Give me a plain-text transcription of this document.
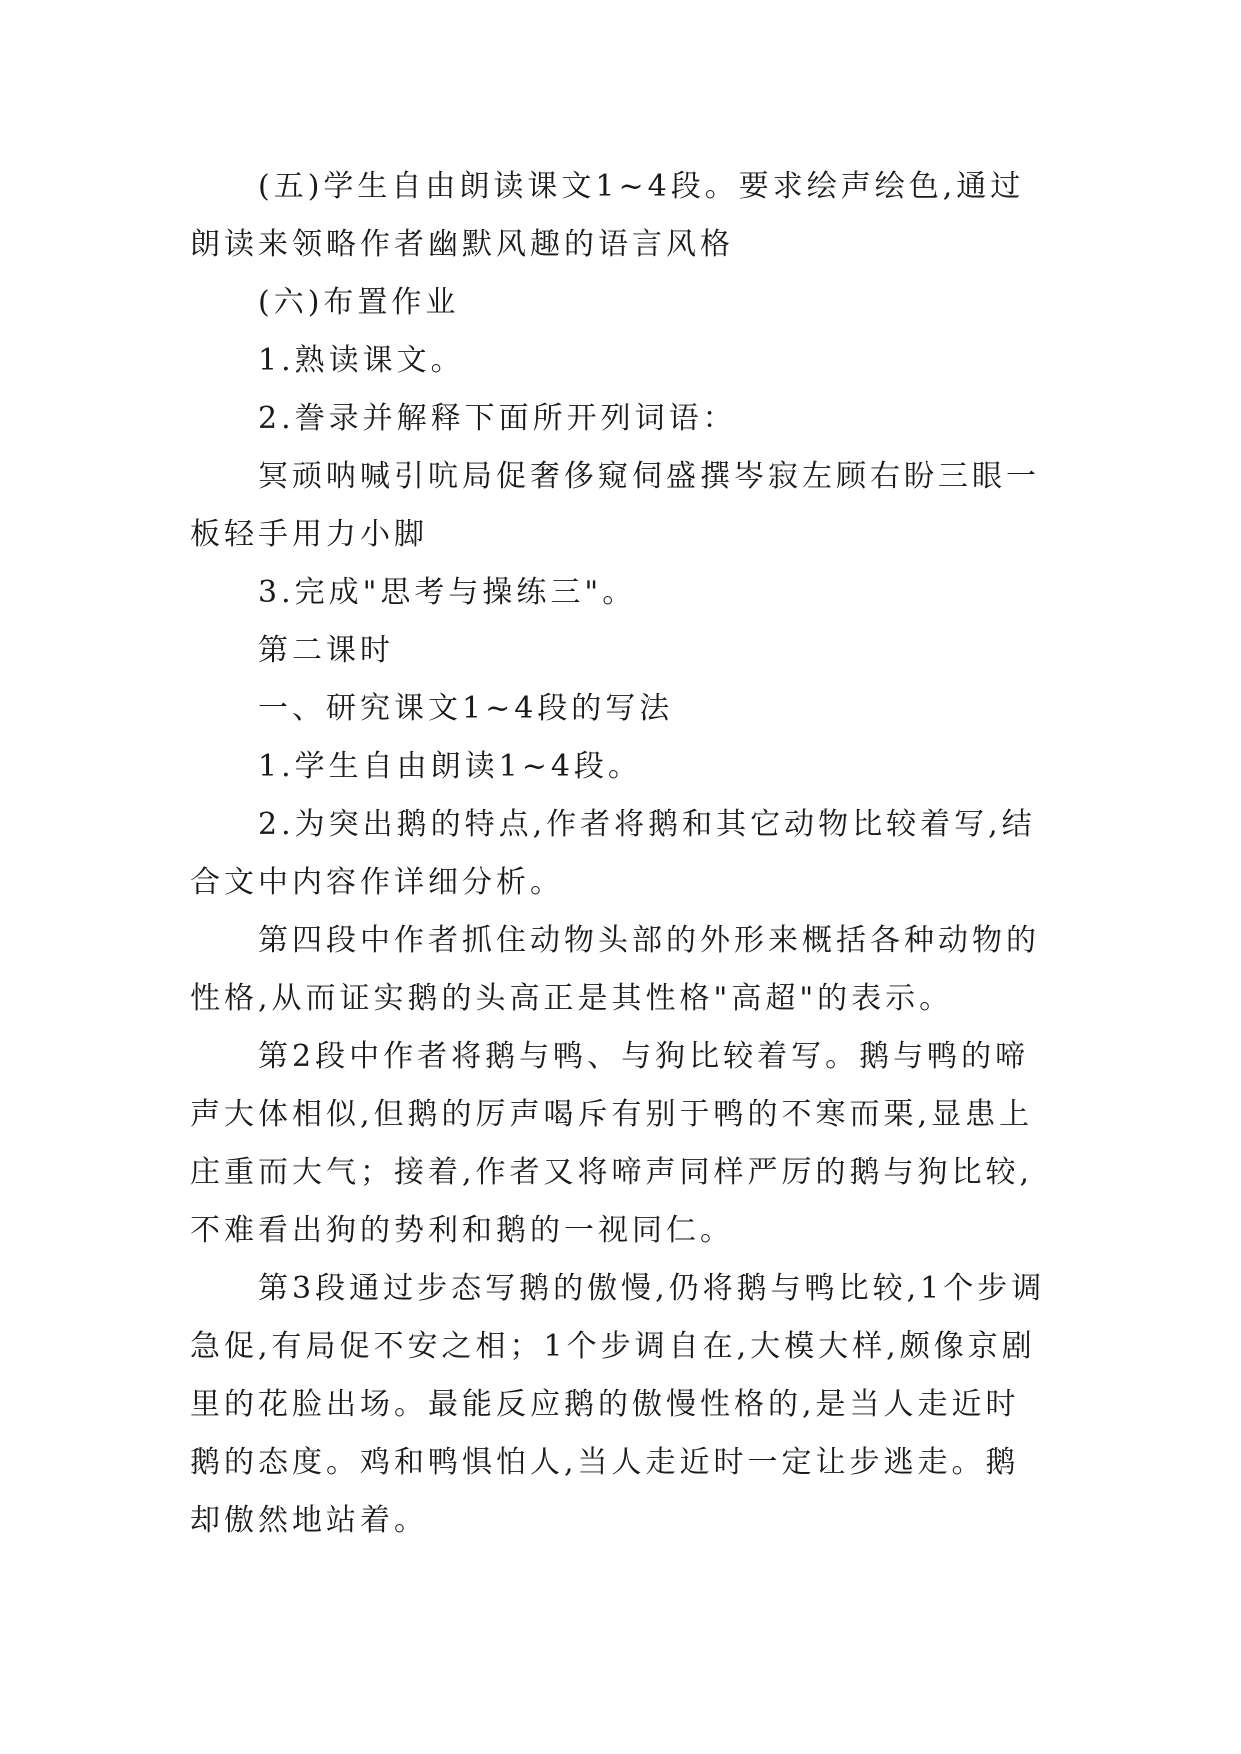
(五)学生自由朗读课文1~4段。要求绘声绘色,通过朗读来领略作者幽默风趣的语言风格

(六)布置作业

1.熟读课文。

2.誊录并解释下面所开列词语：

冥顽呐喊引吭局促奢侈窥伺盛撰岑寂左顾右盼三眼一板轻手用力小脚

3.完成"思考与操练三"。

第二课时

一、研究课文1~4段的写法

1.学生自由朗读1~4段。

2.为突出鹅的特点,作者将鹅和其它动物比较着写,结合文中内容作详细分析。

第四段中作者抓住动物头部的外形来概括各种动物的性格,从而证实鹅的头高正是其性格"高超"的表示。

第2段中作者将鹅与鸭、与狗比较着写。鹅与鸭的啼声大体相似,但鹅的厉声喝斥有别于鸭的不寒而栗,显患上庄重而大气；接着,作者又将啼声同样严厉的鹅与狗比较,不难看出狗的势利和鹅的一视同仁。

第3段通过步态写鹅的傲慢,仍将鹅与鸭比较,1个步调急促,有局促不安之相；1个步调自在,大模大样,颇像京剧里的花脸出场。最能反应鹅的傲慢性格的,是当人走近时鹅的态度。鸡和鸭惧怕人,当人走近时一定让步逃走。鹅却傲然地站着。
